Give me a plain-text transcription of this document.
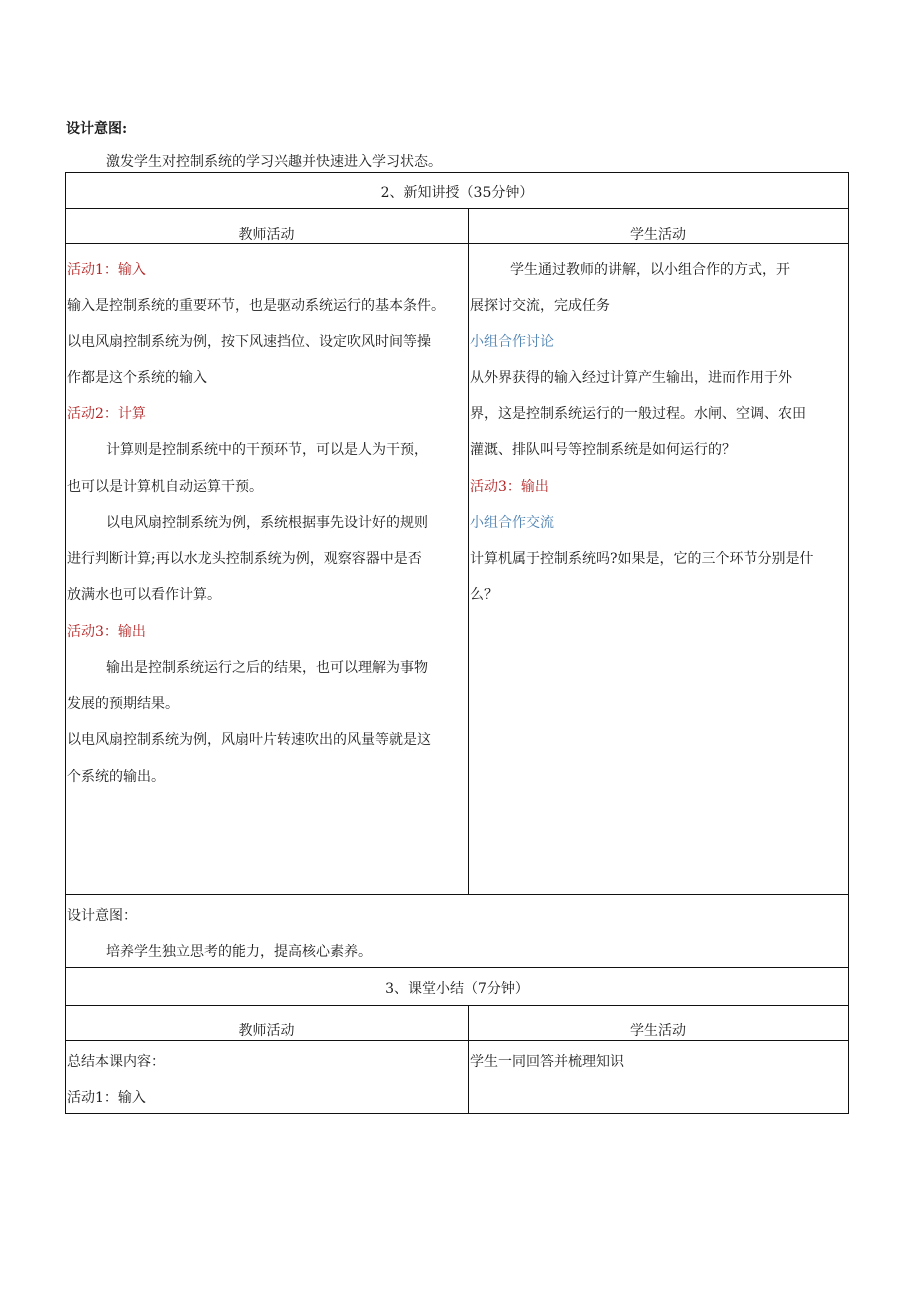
设计意图:
激发学生对控制系统的学习兴趣并快速进入学习状态。
2、新知讲授（35分钟）
教师活动	学生活动
活动1：输入
输入是控制系统的重要环节，也是驱动系统运行的基本条件。
以电风扇控制系统为例，按下风速挡位、设定吹风时间等操
作都是这个系统的输入
活动2：计算
计算则是控制系统中的干预环节，可以是人为干预，
也可以是计算机自动运算干预。
以电风扇控制系统为例，系统根据事先设计好的规则
进行判断计算;再以水龙头控制系统为例，观察容器中是否
放满水也可以看作计算。
活动3：输出
输出是控制系统运行之后的结果，也可以理解为事物
发展的预期结果。
以电风扇控制系统为例，风扇叶片转速吹出的风量等就是这
个系统的输出。
学生通过教师的讲解，以小组合作的方式，开
展探讨交流，完成任务
小组合作讨论
从外界获得的输入经过计算产生输出，进而作用于外
界，这是控制系统运行的一般过程。水闸、空调、农田
灌溉、排队叫号等控制系统是如何运行的？
活动3：输出
小组合作交流
计算机属于控制系统吗?如果是，它的三个环节分别是什
么？
设计意图：
培养学生独立思考的能力，提高核心素养。
3、课堂小结（7分钟）
教师活动	学生活动
总结本课内容：
活动1：输入
学生一同回答并梳理知识
